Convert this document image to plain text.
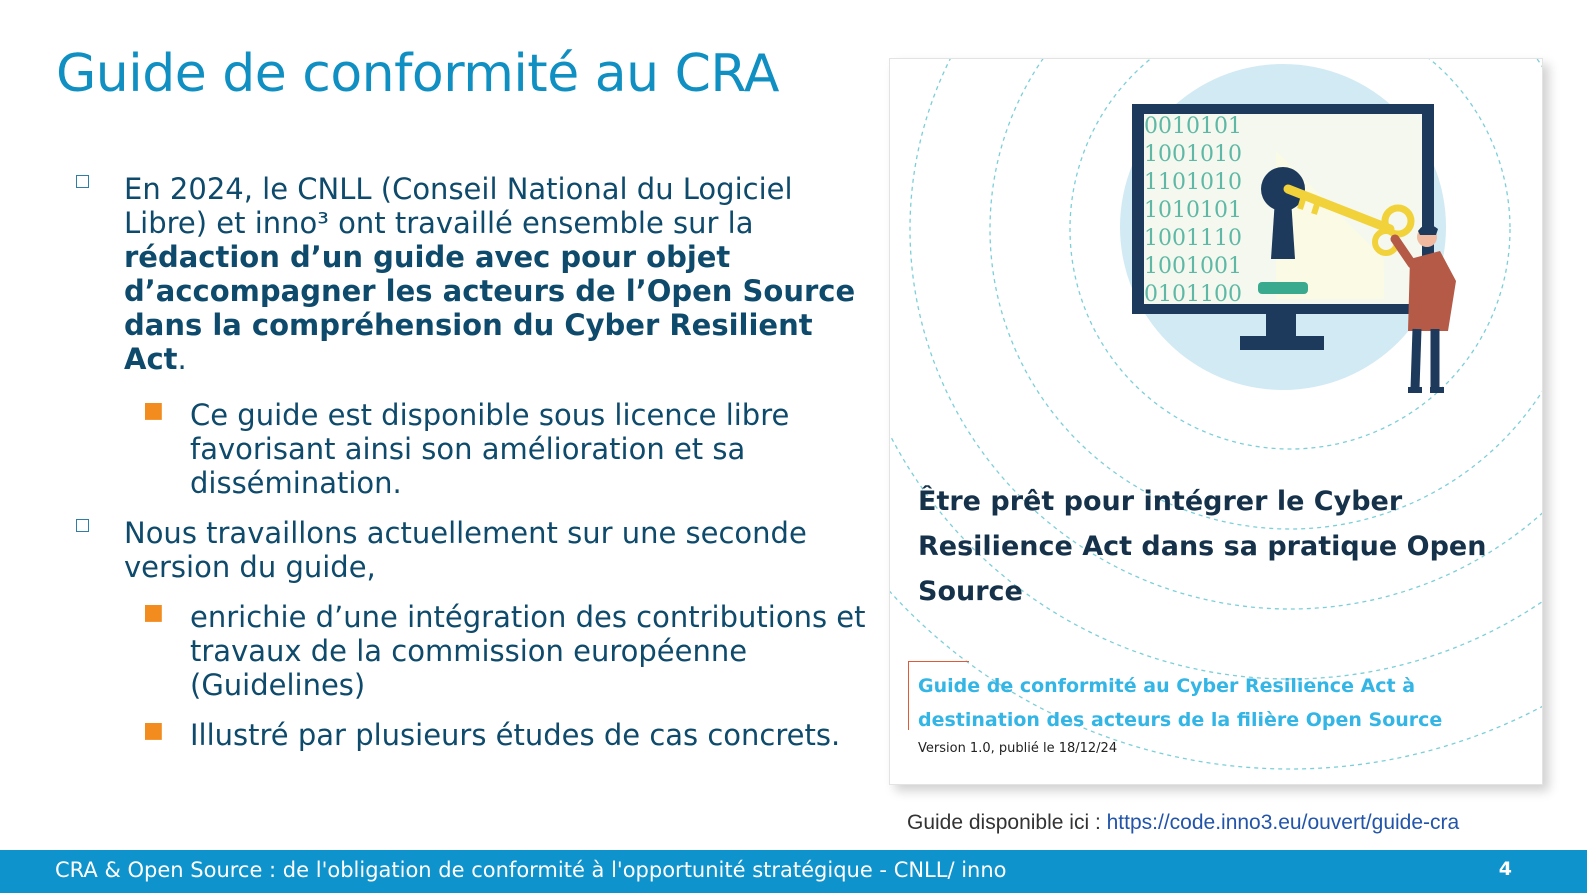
Guide de conformité au CRA
En 2024, le CNLL (Conseil National du Logiciel Libre) et inno³ ont travaillé ensemble sur la rédaction d’un guide avec pour objet d’accompagner les acteurs de l’Open Source dans la compréhension du Cyber Resilient Act.
■ Ce guide est disponible sous licence libre favorisant ainsi son amélioration et sa dissémination.
Nous travaillons actuellement sur une seconde version du guide,
■ enrichie d’une intégration des contributions et travaux de la commission européenne (Guidelines)
■ Illustré par plusieurs études de cas concrets.
0010101
1001010
1101010
1010101
1001110
1001001
0101100
Être prêt pour intégrer le Cyber Resilience Act dans sa pratique Open Source
Guide de conformité au Cyber Resilience Act à destination des acteurs de la filière Open Source
Version 1.0, publié le 18/12/24
Guide disponible ici : https://code.inno3.eu/ouvert/guide-cra
CRA & Open Source : de l'obligation de conformité à l'opportunité stratégique - CNLL/ inno	4
